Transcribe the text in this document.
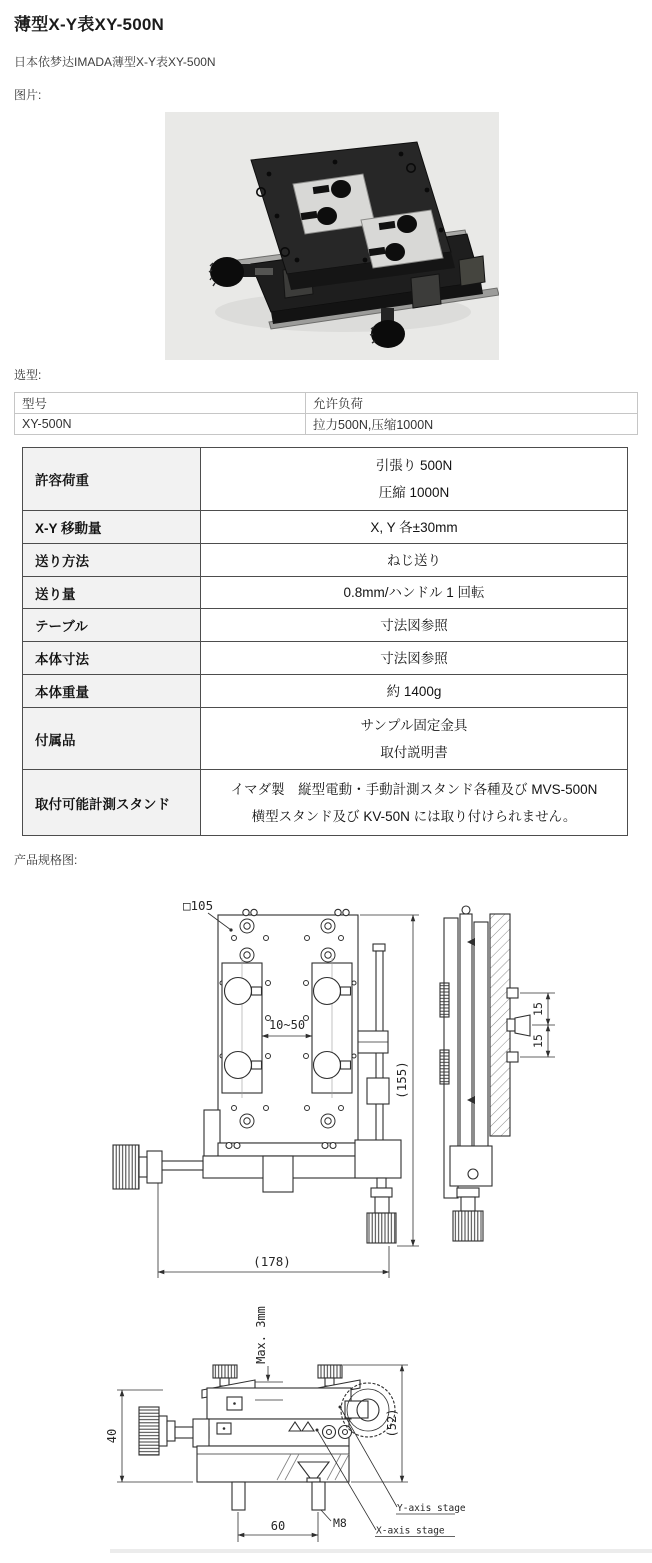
薄型X-Y表XY-500N
日本依梦达IMADA薄型X-Y表XY-500N
图片:
选型:
型号	允许负荷
XY-500N	拉力500N,压缩1000N
許容荷重	引張り 500N
圧縮 1000N

X-Y 移動量	X, Y 各±30mm

送り方法	ねじ送り

送り量	0.8mm/ハンドル 1 回転

テーブル	寸法図参照

本体寸法	寸法図参照

本体重量	約 1400g

付属品	サンプル固定金具
取付説明書

取付可能計測スタンド	イマダ製　縦型電動・手動計測スタンド各種及び MVS-500N
横型スタンド及び KV-50N には取り付けられません。
产品规格图:
□105
10~50
(155)
(178)
15
15
Max. 3mm
40	(52)
60	M8
Y-axis stage
X-axis stage
